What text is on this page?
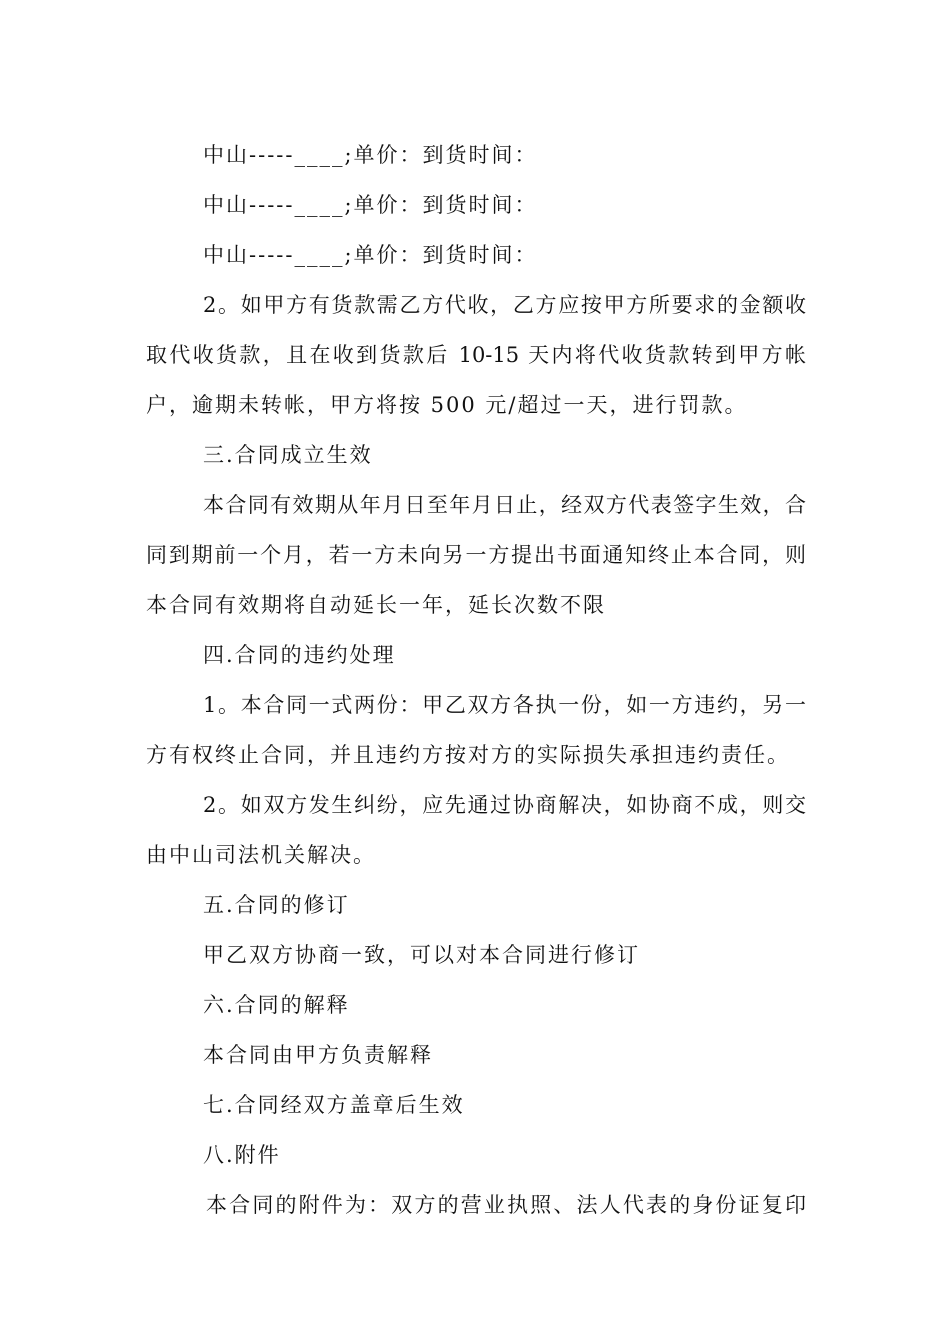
中山-----____;单价：到货时间：
中山-----____;单价：到货时间：
中山-----____;单价：到货时间：
2。如甲方有货款需乙方代收，乙方应按甲方所要求的金额收
取代收货款，且在收到货款后 10-15 天内将代收货款转到甲方帐
户，逾期未转帐，甲方将按 500 元/超过一天，进行罚款。
三.合同成立生效
本合同有效期从年月日至年月日止，经双方代表签字生效，合
同到期前一个月，若一方未向另一方提出书面通知终止本合同，则
本合同有效期将自动延长一年，延长次数不限
四.合同的违约处理
1。本合同一式两份：甲乙双方各执一份，如一方违约，另一
方有权终止合同，并且违约方按对方的实际损失承担违约责任。
2。如双方发生纠纷，应先通过协商解决，如协商不成，则交
由中山司法机关解决。
五.合同的修订
甲乙双方协商一致，可以对本合同进行修订
六.合同的解释
本合同由甲方负责解释
七.合同经双方盖章后生效
八.附件
本合同的附件为：双方的营业执照、法人代表的身份证复印
